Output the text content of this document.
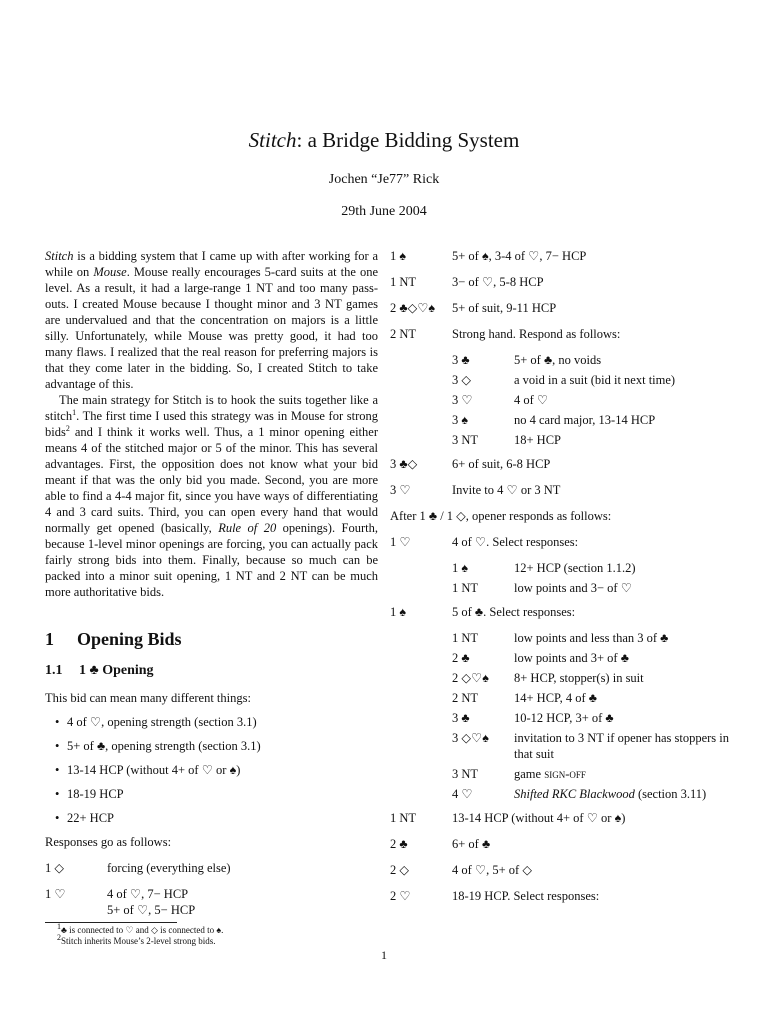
Stitch: a Bridge Bidding System
Jochen “Je77” Rick
29th June 2004

Stitch is a bidding system that I came up with after working for a while on Mouse. Mouse really encourages 5-card suits at the one level. As a result, it had a large-range 1 NT and too many pass-outs. I created Mouse because I thought minor and 3 NT games are undervalued and that the concentration on majors is a little silly. Unfortunately, while Mouse was pretty good, it had too many flaws. I realized that the real reason for preferring majors is that they come later in the bidding. So, I created Stitch to take advantage of this.

The main strategy for Stitch is to hook the suits together like a stitch$^1$. The first time I used this strategy was in Mouse for strong bids$^2$ and I think it works well. Thus, a 1 minor opening either means 4 of the stitched major or 5 of the minor. This has several advantages. First, the opposition does not know what your bid meant if that was the only bid you made. Second, you are more able to find a 4-4 major fit, since you have ways of differentiating 4 and 3 card suits. Third, you can open every hand that would normally get opened (basically, Rule of 20 openings). Fourth, because 1-level minor openings are forcing, you can actually pack fairly strong bids into them. Finally, because so much can be packed into a minor suit opening, 1 NT and 2 NT can be much more authoritative bids.

1 Opening Bids
1.1 1 ♣ Opening

This bid can mean many different things:

• 4 of ♡, opening strength (section 3.1)
• 5+ of ♣, opening strength (section 3.1)
• 13-14 HCP (without 4+ of ♡ or ♠)
• 18-19 HCP
• 22+ HCP

Responses go as follows:

1 ◇	forcing (everything else)
1 ♡	4 of ♡, 7− HCP
5+ of ♡, 5− HCP
$^1$♣ is connected to ♡ and ◇ is connected to ♠.
$^2$Stitch inherits Mouse’s 2-level strong bids.
1 ♠	5+ of ♠, 3-4 of ♡, 7− HCP
1 NT	3− of ♡, 5-8 HCP
2 ♣◇♡♠	5+ of suit, 9-11 HCP
2 NT	Strong hand. Respond as follows:
3 ♣	5+ of ♣, no voids
3 ◇	a void in a suit (bid it next time)
3 ♡	4 of ♡
3 ♠	no 4 card major, 13-14 HCP
3 NT	18+ HCP
3 ♣◇	6+ of suit, 6-8 HCP
3 ♡	Invite to 4 ♡ or 3 NT

After 1 ♣ / 1 ◇, opener responds as follows:

1 ♡	4 of ♡. Select responses:
1 ♠	12+ HCP (section 1.1.2)
1 NT	low points and 3− of ♡
1 ♠	5 of ♣. Select responses:
1 NT	low points and less than 3 of ♣
2 ♣	low points and 3+ of ♣
2 ◇♡♠	8+ HCP, stopper(s) in suit
2 NT	14+ HCP, 4 of ♣
3 ♣	10-12 HCP, 3+ of ♣
3 ◇♡♠	invitation to 3 NT if opener has stoppers in that suit
3 NT	game sign-off
4 ♡	Shifted RKC Blackwood (section 3.11)
1 NT	13-14 HCP (without 4+ of ♡ or ♠)
2 ♣	6+ of ♣
2 ◇	4 of ♡, 5+ of ◇
2 ♡	18-19 HCP. Select responses:
1
